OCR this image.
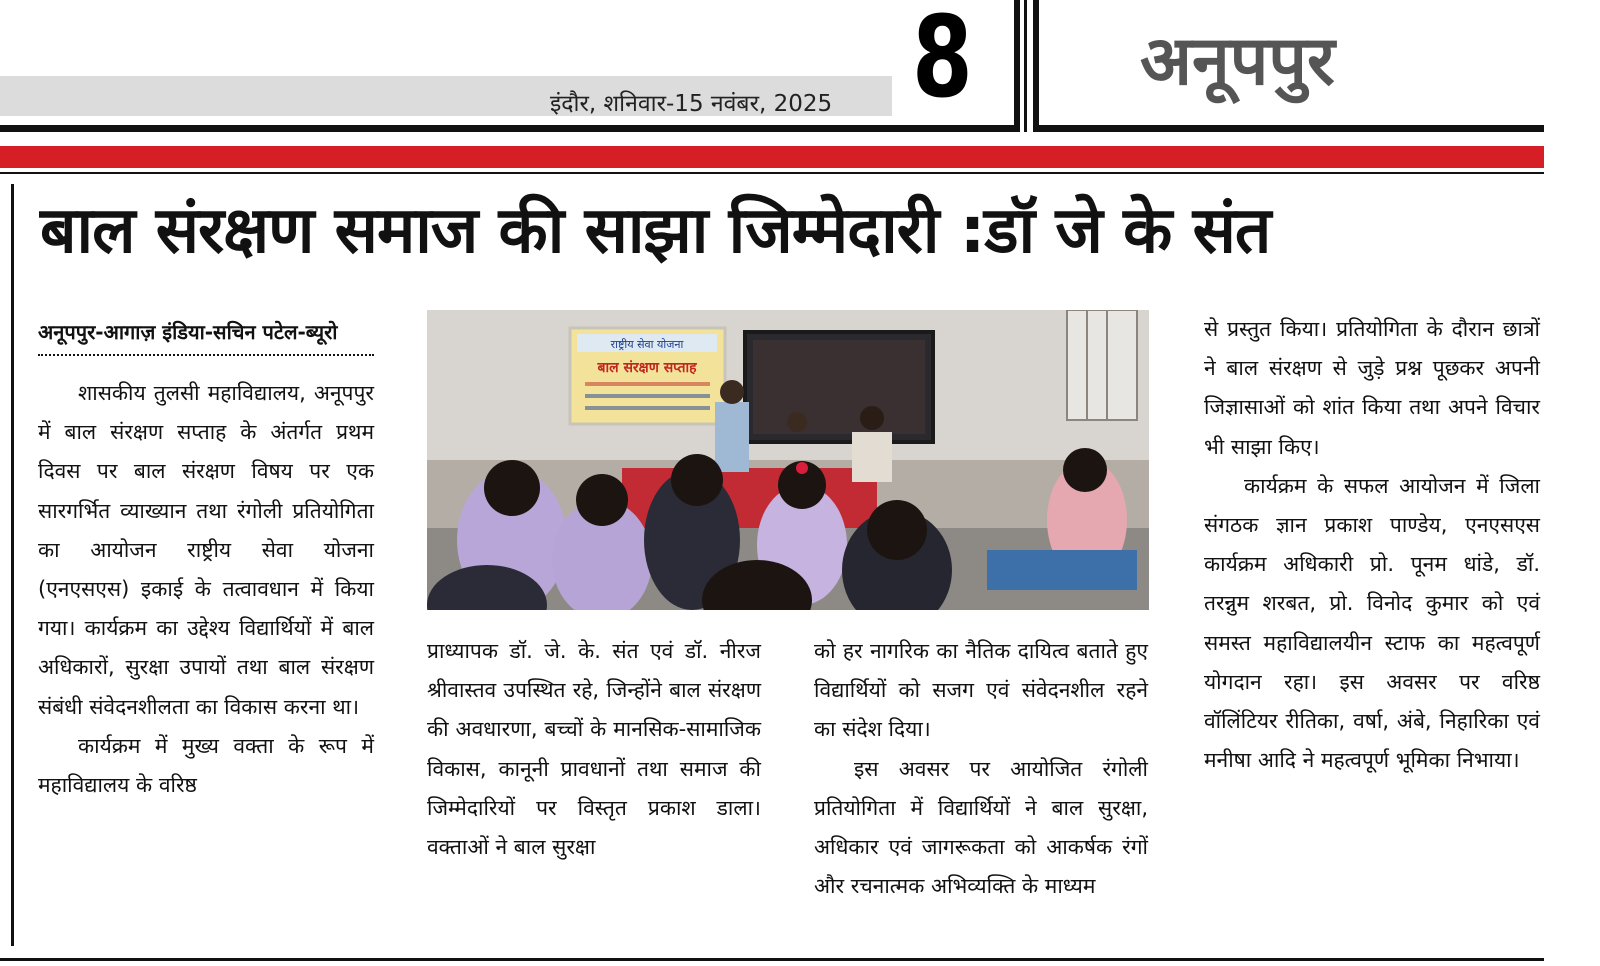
इंदौर, शनिवार-15 नवंबर, 2025 8 अनूपपुर
बाल संरक्षण समाज की साझा जिम्मेदारी :डॉ जे के संत
अनूपपुर-आगाज़ इंडिया-सचिन पटेल-ब्यूरो

शासकीय तुलसी महाविद्यालय, अनूपपुर में बाल संरक्षण सप्ताह के अंतर्गत प्रथम दिवस पर बाल संरक्षण विषय पर एक सारगर्भित व्याख्यान तथा रंगोली प्रतियोगिता का आयोजन राष्ट्रीय सेवा योजना (एनएसएस) इकाई के तत्वावधान में किया गया। कार्यक्रम का उद्देश्य विद्यार्थियों में बाल अधिकारों, सुरक्षा उपायों तथा बाल संरक्षण संबंधी संवेदनशीलता का विकास करना था।

कार्यक्रम में मुख्य वक्ता के रूप में महाविद्यालय के वरिष्ठ

राष्ट्रीय सेवा योजना
बाल संरक्षण सप्ताह

प्राध्यापक डॉ. जे. के. संत एवं डॉ. नीरज श्रीवास्तव उपस्थित रहे, जिन्होंने बाल संरक्षण की अवधारणा, बच्चों के मानसिक-सामाजिक विकास, कानूनी प्रावधानों तथा समाज की जिम्मेदारियों पर विस्तृत प्रकाश डाला। वक्ताओं ने बाल सुरक्षा

को हर नागरिक का नैतिक दायित्व बताते हुए विद्यार्थियों को सजग एवं संवेदनशील रहने का संदेश दिया।

इस अवसर पर आयोजित रंगोली प्रतियोगिता में विद्यार्थियों ने बाल सुरक्षा, अधिकार एवं जागरूकता को आकर्षक रंगों और रचनात्मक अभिव्यक्ति के माध्यम

से प्रस्तुत किया। प्रतियोगिता के दौरान छात्रों ने बाल संरक्षण से जुड़े प्रश्न पूछकर अपनी जिज्ञासाओं को शांत किया तथा अपने विचार भी साझा किए।

कार्यक्रम के सफल आयोजन में जिला संगठक ज्ञान प्रकाश पाण्डेय, एनएसएस कार्यक्रम अधिकारी प्रो. पूनम धांडे, डॉ. तरन्नुम शरबत, प्रो. विनोद कुमार को एवं समस्त महाविद्यालयीन स्टाफ का महत्वपूर्ण योगदान रहा। इस अवसर पर वरिष्ठ वॉलिंटियर रीतिका, वर्षा, अंबे, निहारिका एवं मनीषा आदि ने महत्वपूर्ण भूमिका निभाया।
